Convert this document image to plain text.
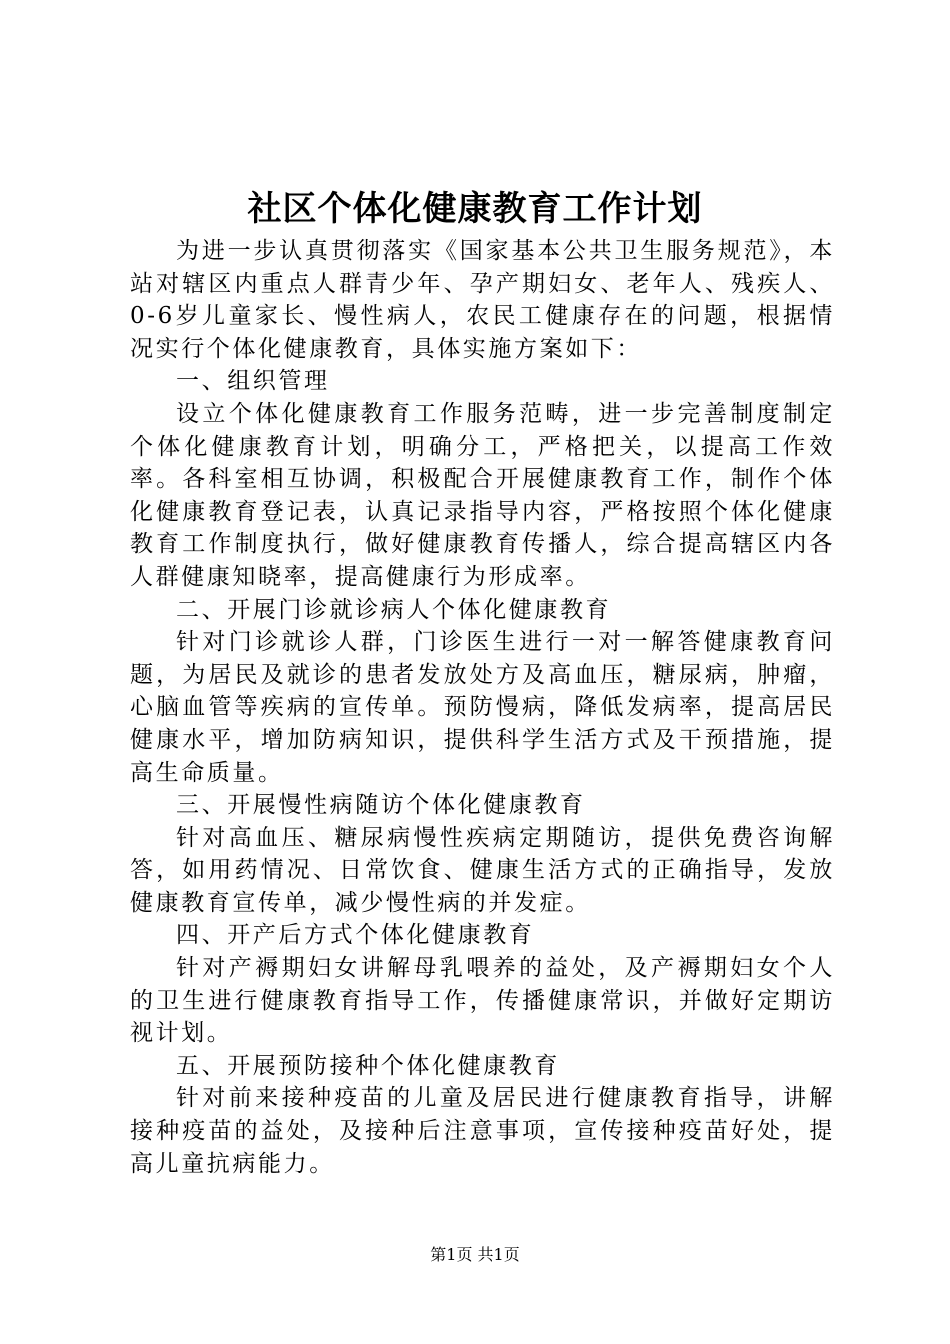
社区个体化健康教育工作计划

为进一步认真贯彻落实《国家基本公共卫生服务规范》，本站对辖区内重点人群青少年、孕产期妇女、老年人、残疾人、0-6岁儿童家长、慢性病人，农民工健康存在的问题，根据情况实行个体化健康教育，具体实施方案如下：

一、组织管理

设立个体化健康教育工作服务范畴，进一步完善制度制定个体化健康教育计划，明确分工，严格把关，以提高工作效率。各科室相互协调，积极配合开展健康教育工作，制作个体化健康教育登记表，认真记录指导内容，严格按照个体化健康教育工作制度执行，做好健康教育传播人，综合提高辖区内各人群健康知晓率，提高健康行为形成率。

二、开展门诊就诊病人个体化健康教育

针对门诊就诊人群，门诊医生进行一对一解答健康教育问题，为居民及就诊的患者发放处方及高血压，糖尿病，肿瘤，心脑血管等疾病的宣传单。预防慢病，降低发病率，提高居民健康水平，增加防病知识，提供科学生活方式及干预措施，提高生命质量。

三、开展慢性病随访个体化健康教育

针对高血压、糖尿病慢性疾病定期随访，提供免费咨询解答，如用药情况、日常饮食、健康生活方式的正确指导，发放健康教育宣传单，减少慢性病的并发症。

四、开产后方式个体化健康教育

针对产褥期妇女讲解母乳喂养的益处，及产褥期妇女个人的卫生进行健康教育指导工作，传播健康常识，并做好定期访视计划。

五、开展预防接种个体化健康教育

针对前来接种疫苗的儿童及居民进行健康教育指导，讲解接种疫苗的益处，及接种后注意事项，宣传接种疫苗好处，提高儿童抗病能力。

第1页 共1页
